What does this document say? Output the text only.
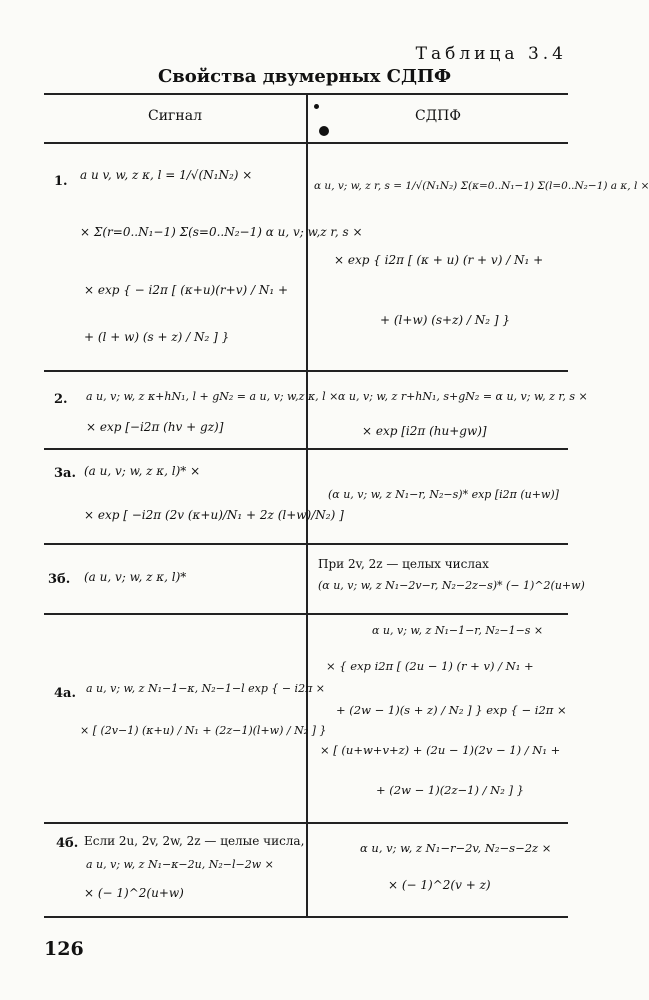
Таблица 3.4
Свойства двумерных СДПФ
Сигнал	СДПФ
1. a u v, w, z κ, l = 1/√(N₁N₂) ×
× Σ(r=0..N₁−1) Σ(s=0..N₂−1) α u, v; w,z r, s ×
× exp { − i2π [ (κ+u)(r+v) / N₁ +
+ (l + w) (s + z) / N₂ ] }
α u, v; w, z r, s = 1/√(N₁N₂) Σ(κ=0..N₁−1) Σ(l=0..N₂−1) a κ, l ×
× exp { i2π [ (κ + u) (r + v) / N₁ +
+ (l+w) (s+z) / N₂ ] }
2. a u, v; w, z κ+hN₁, l + gN₂ = a u, v; w,z κ, l ×
× exp [−i2π (hv + gz)]
α u, v; w, z r+hN₁, s+gN₂ = α u, v; w, z r, s ×
× exp [i2π (hu+gw)]
3a. (a u, v; w, z κ, l)* ×
× exp [ −i2π (2v (κ+u)/N₁ + 2z (l+w)/N₂) ]
(α u, v; w, z N₁−r, N₂−s)* exp [i2π (u+w)]
3б. (a u, v; w, z κ, l)*
При 2v, 2z — целых числах
(α u, v; w, z N₁−2v−r, N₂−2z−s)* (− 1)^2(u+w)
4a. a u, v; w, z N₁−1−κ, N₂−1−l exp { − i2π ×
× [ (2v−1) (κ+u) / N₁ + (2z−1)(l+w) / N₂ ] }
α u, v; w, z N₁−1−r, N₂−1−s ×
× { exp i2π [ (2u − 1) (r + v) / N₁ +
+ (2w − 1)(s + z) / N₂ ] } exp { − i2π ×
× [ (u+w+v+z) + (2u − 1)(2v − 1) / N₁ +
+ (2w − 1)(2z−1) / N₂ ] }
4б. Если 2u, 2v, 2w, 2z — целые числа,
a u, v; w, z N₁−κ−2u, N₂−l−2w ×
× (− 1)^2(u+w)
α u, v; w, z N₁−r−2v, N₂−s−2z ×
× (− 1)^2(v + z)
126
